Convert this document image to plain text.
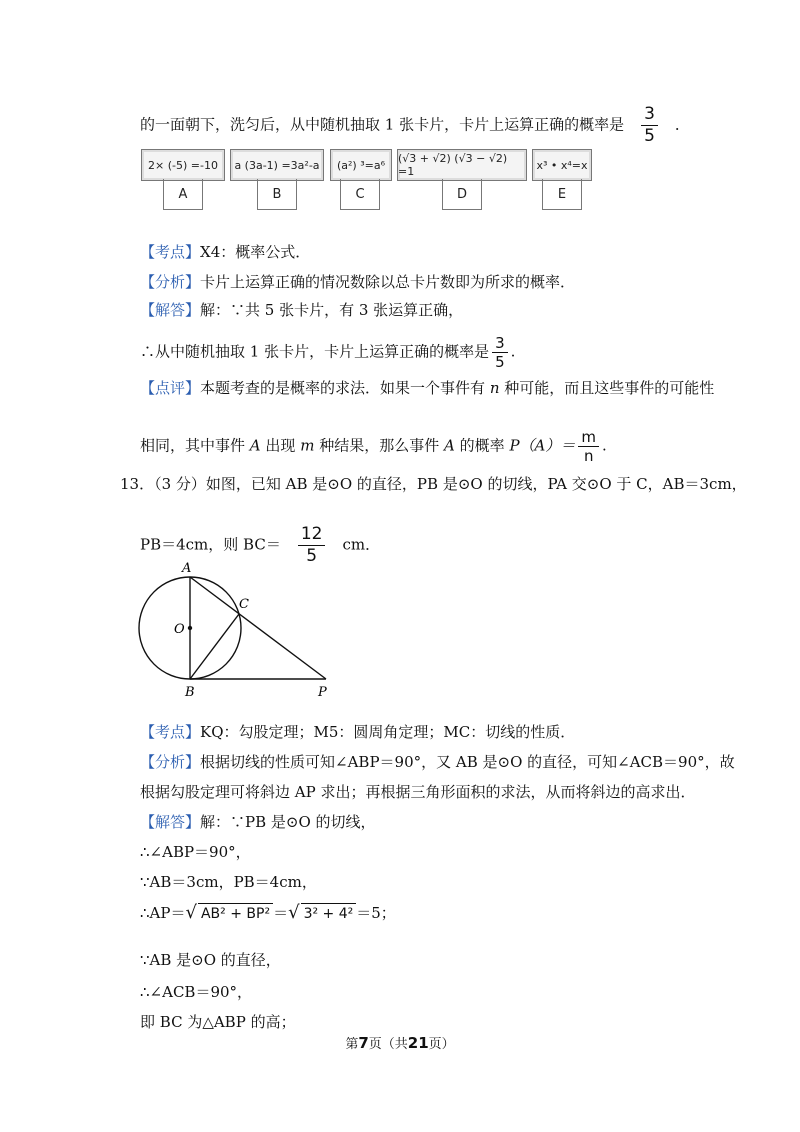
的一面朝下，洗匀后，从中随机抽取 1 张卡片，卡片上运算正确的概率是 $\frac{3}{5}$ ．
2× (-5) =-10
A
a (3a-1) =3a²-a
B
(a²) ³=a⁶
C
(√3 + √2) (√3 − √2) =1
D
x³ • x⁴=x
E
【考点】X4：概率公式．
【分析】卡片上运算正确的情况数除以总卡片数即为所求的概率．
【解答】解：∵共 5 张卡片，有 3 张运算正确，
∴从中随机抽取 1 张卡片，卡片上运算正确的概率是 $\frac{3}{5}$ .
【点评】本题考查的是概率的求法．如果一个事件有 n 种可能，而且这些事件的可能性
相同，其中事件 A 出现 m 种结果，那么事件 A 的概率 $P(A)= \frac{m}{n}$ .
13．（3 分）如图，已知 AB 是⊙O 的直径，PB 是⊙O 的切线，PA 交⊙O 于 C，AB＝3cm，
PB＝4cm，则 $BC= \frac{12}{5}$ cm．
A
C
O
B	P
【考点】KQ：勾股定理；M5：圆周角定理；MC：切线的性质．
【分析】根据切线的性质可知∠ABP＝90°，又 AB 是⊙O 的直径，可知∠ACB＝90°，故
根据勾股定理可将斜边 AP 求出；再根据三角形面积的求法，从而将斜边的高求出．
【解答】解：∵PB 是⊙O 的切线，
∴∠ABP＝90°，
∵AB＝3cm，PB＝4cm，
∴AP＝√ AB² + BP² ＝√ 3² + 4² ＝5；
∵AB 是⊙O 的直径，
∴∠ACB＝90°，
即 BC 为△ABP 的高；
第7页（共21页）
